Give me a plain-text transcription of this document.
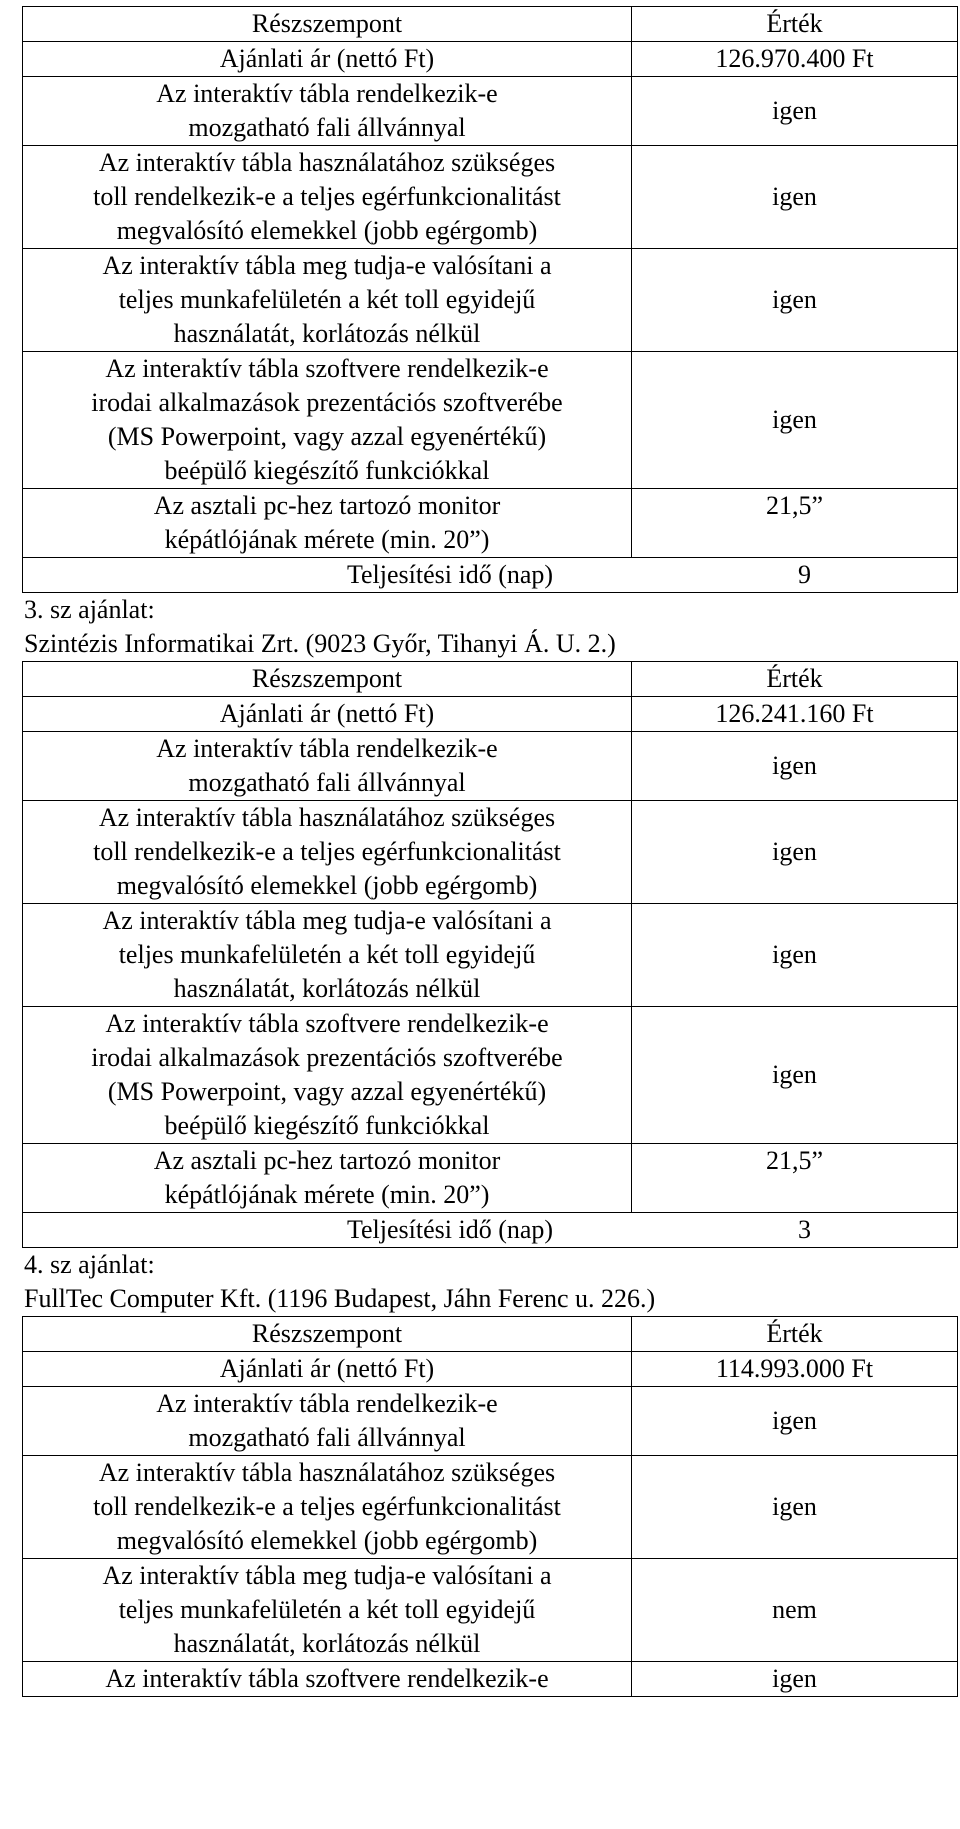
Részszempont	Érték

Ajánlati ár (nettó Ft)	126.970.400 Ft

Az interaktív tábla rendelkezik-e
mozgatható fali állvánnyal	igen

Az interaktív tábla használatához szükséges
toll rendelkezik-e a teljes egérfunkcionalitást
megvalósító elemekkel (jobb egérgomb)	igen

Az interaktív tábla meg tudja-e valósítani a
teljes munkafelületén a két toll egyidejű
használatát, korlátozás nélkül	igen

Az interaktív tábla szoftvere rendelkezik-e
irodai alkalmazások prezentációs szoftverébe
(MS Powerpoint, vagy azzal egyenértékű)
beépülő kiegészítő funkciókkal	igen

Az asztali pc-hez tartozó monitor
képátlójának mérete (min. 20”)	21,5”
Teljesítési idő (nap) 9	
3. sz ajánlat:
Szintézis Informatikai Zrt. (9023 Győr, Tihanyi Á. U. 2.)
Részszempont	Érték

Ajánlati ár (nettó Ft)	126.241.160 Ft

Az interaktív tábla rendelkezik-e
mozgatható fali állvánnyal	igen

Az interaktív tábla használatához szükséges
toll rendelkezik-e a teljes egérfunkcionalitást
megvalósító elemekkel (jobb egérgomb)	igen

Az interaktív tábla meg tudja-e valósítani a
teljes munkafelületén a két toll egyidejű
használatát, korlátozás nélkül	igen

Az interaktív tábla szoftvere rendelkezik-e
irodai alkalmazások prezentációs szoftverébe
(MS Powerpoint, vagy azzal egyenértékű)
beépülő kiegészítő funkciókkal	igen

Az asztali pc-hez tartozó monitor
képátlójának mérete (min. 20”)	21,5”
Teljesítési idő (nap) 3	
4. sz ajánlat:
FullTec Computer Kft. (1196 Budapest, Jáhn Ferenc u. 226.)
Részszempont	Érték

Ajánlati ár (nettó Ft)	114.993.000 Ft

Az interaktív tábla rendelkezik-e
mozgatható fali állvánnyal	igen

Az interaktív tábla használatához szükséges
toll rendelkezik-e a teljes egérfunkcionalitást
megvalósító elemekkel (jobb egérgomb)	igen

Az interaktív tábla meg tudja-e valósítani a
teljes munkafelületén a két toll egyidejű
használatát, korlátozás nélkül	nem

Az interaktív tábla szoftvere rendelkezik-e	igen
